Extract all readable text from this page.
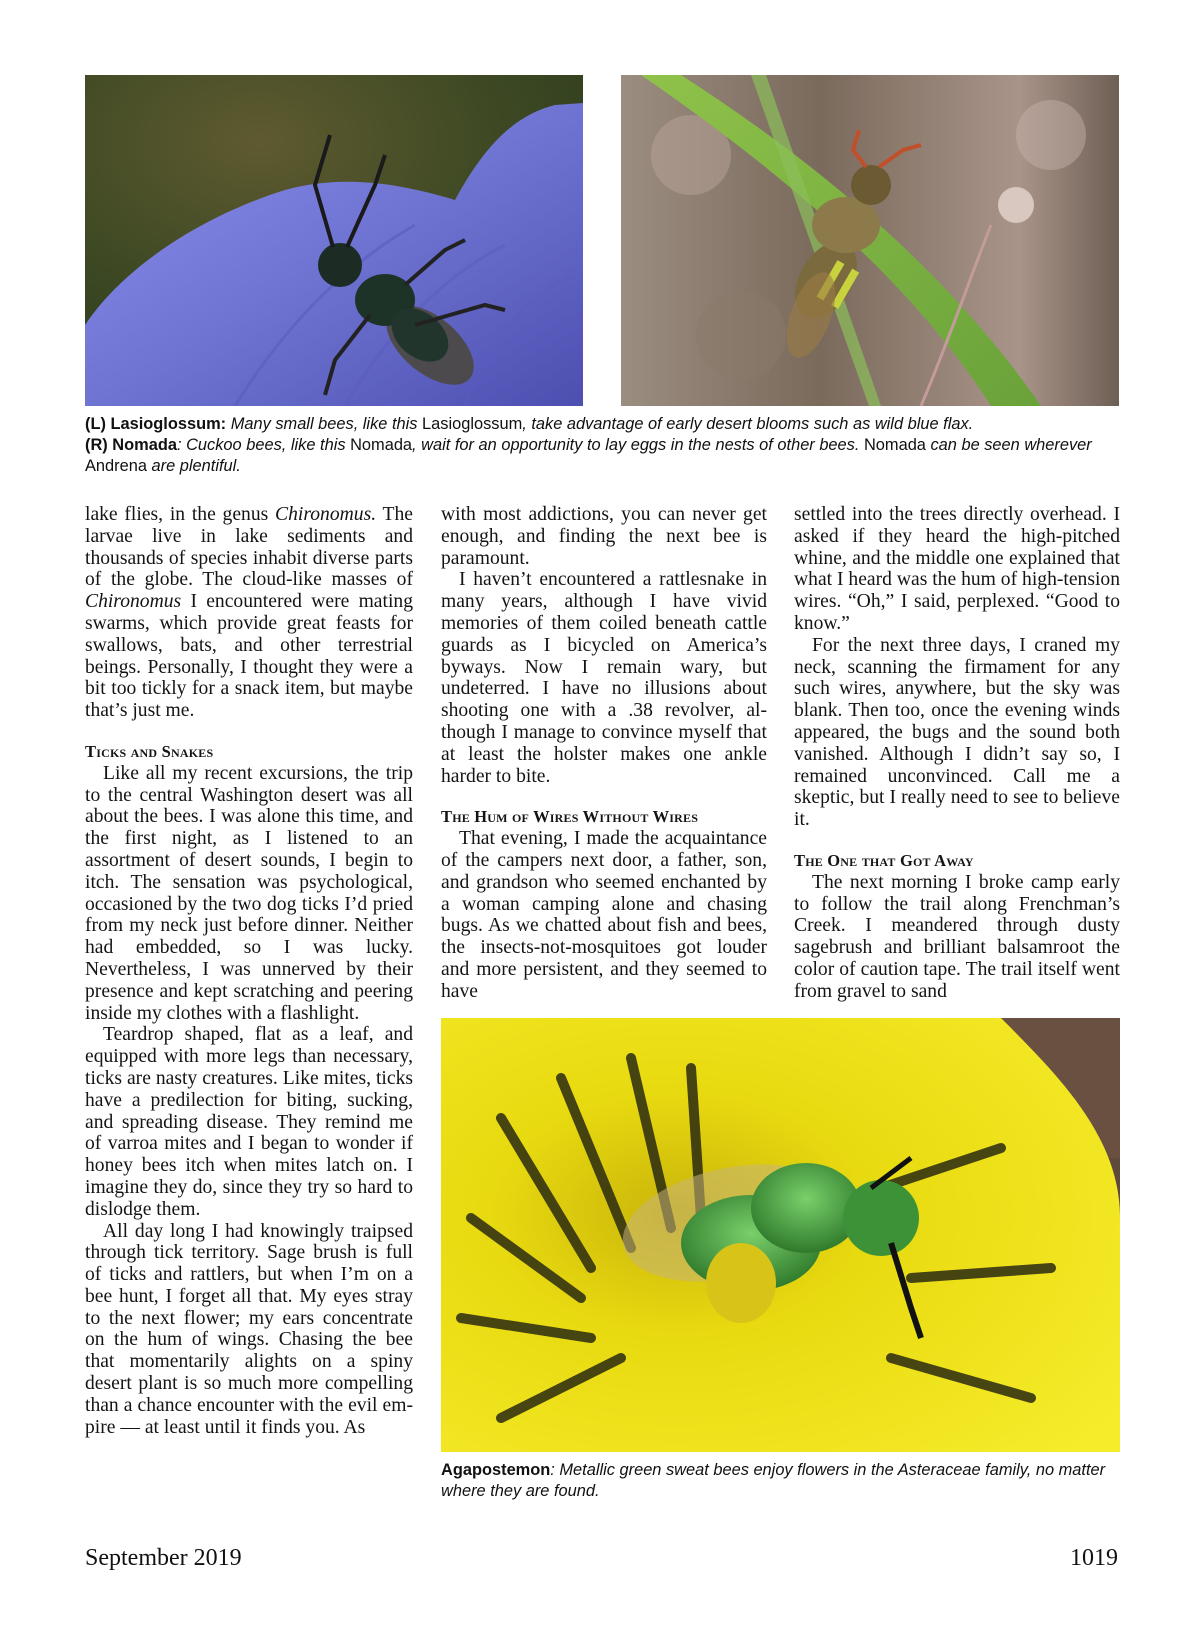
(L) Lasioglossum: Many small bees, like this Lasioglossum, take advantage of early desert blooms such as wild blue flax.
(R) Nomada: Cuckoo bees, like this Nomada, wait for an opportunity to lay eggs in the nests of other bees. Nomada can be seen wherever Andrena are plentiful.

lake flies, in the genus Chironomus. The larvae live in lake sediments and thousands of species inhabit diverse parts of the globe. The cloud-like masses of Chironomus I encountered were mating swarms, which provide great feasts for swallows, bats, and other terrestrial beings. Personally, I thought they were a bit too tickly for a snack item, but maybe that’s just me.

Ticks and Snakes

Like all my recent excursions, the trip to the central Washington desert was all about the bees. I was alone this time, and the first night, as I listened to an assortment of desert sounds, I begin to itch. The sensation was psychological, occasioned by the two dog ticks I’d pried from my neck just before dinner. Neither had embedded, so I was lucky. Nevertheless, I was unnerved by their presence and kept scratching and peering inside my clothes with a flashlight.

Teardrop shaped, flat as a leaf, and equipped with more legs than necessary, ticks are nasty creatures. Like mites, ticks have a predilection for biting, sucking, and spreading disease. They remind me of varroa mites and I began to wonder if honey bees itch when mites latch on. I imagine they do, since they try so hard to dislodge them.

All day long I had knowingly traipsed through tick territory. Sage brush is full of ticks and rattlers, but when I’m on a bee hunt, I forget all that. My eyes stray to the next flower; my ears concentrate on the hum of wings. Chasing the bee that momentarily alights on a spiny desert plant is so much more compelling than a chance encounter with the evil empire — at least until it finds you. As

with most addictions, you can never get enough, and finding the next bee is paramount.

I haven’t encountered a rattlesnake in many years, although I have vivid memories of them coiled beneath cattle guards as I bicycled on America’s byways. Now I remain wary, but undeterred. I have no illusions about shooting one with a .38 revolver, although I manage to convince myself that at least the holster makes one ankle harder to bite.

The Hum of Wires Without Wires

That evening, I made the acquaintance of the campers next door, a father, son, and grandson who seemed enchanted by a woman camping alone and chasing bugs. As we chatted about fish and bees, the insects-not-mosquitoes got louder and more persistent, and they seemed to have

settled into the trees directly overhead. I asked if they heard the high-pitched whine, and the middle one explained that what I heard was the hum of high-tension wires. “Oh,” I said, perplexed. “Good to know.”

For the next three days, I craned my neck, scanning the firmament for any such wires, anywhere, but the sky was blank. Then too, once the evening winds appeared, the bugs and the sound both vanished. Although I didn’t say so, I remained unconvinced. Call me a skeptic, but I really need to see to believe it.

The One that Got Away

The next morning I broke camp early to follow the trail along Frenchman’s Creek. I meandered through dusty sagebrush and brilliant balsamroot the color of caution tape. The trail itself went from gravel to sand

Agapostemon: Metallic green sweat bees enjoy flowers in the Asteraceae family, no matter where they are found.
September 2019	1019
